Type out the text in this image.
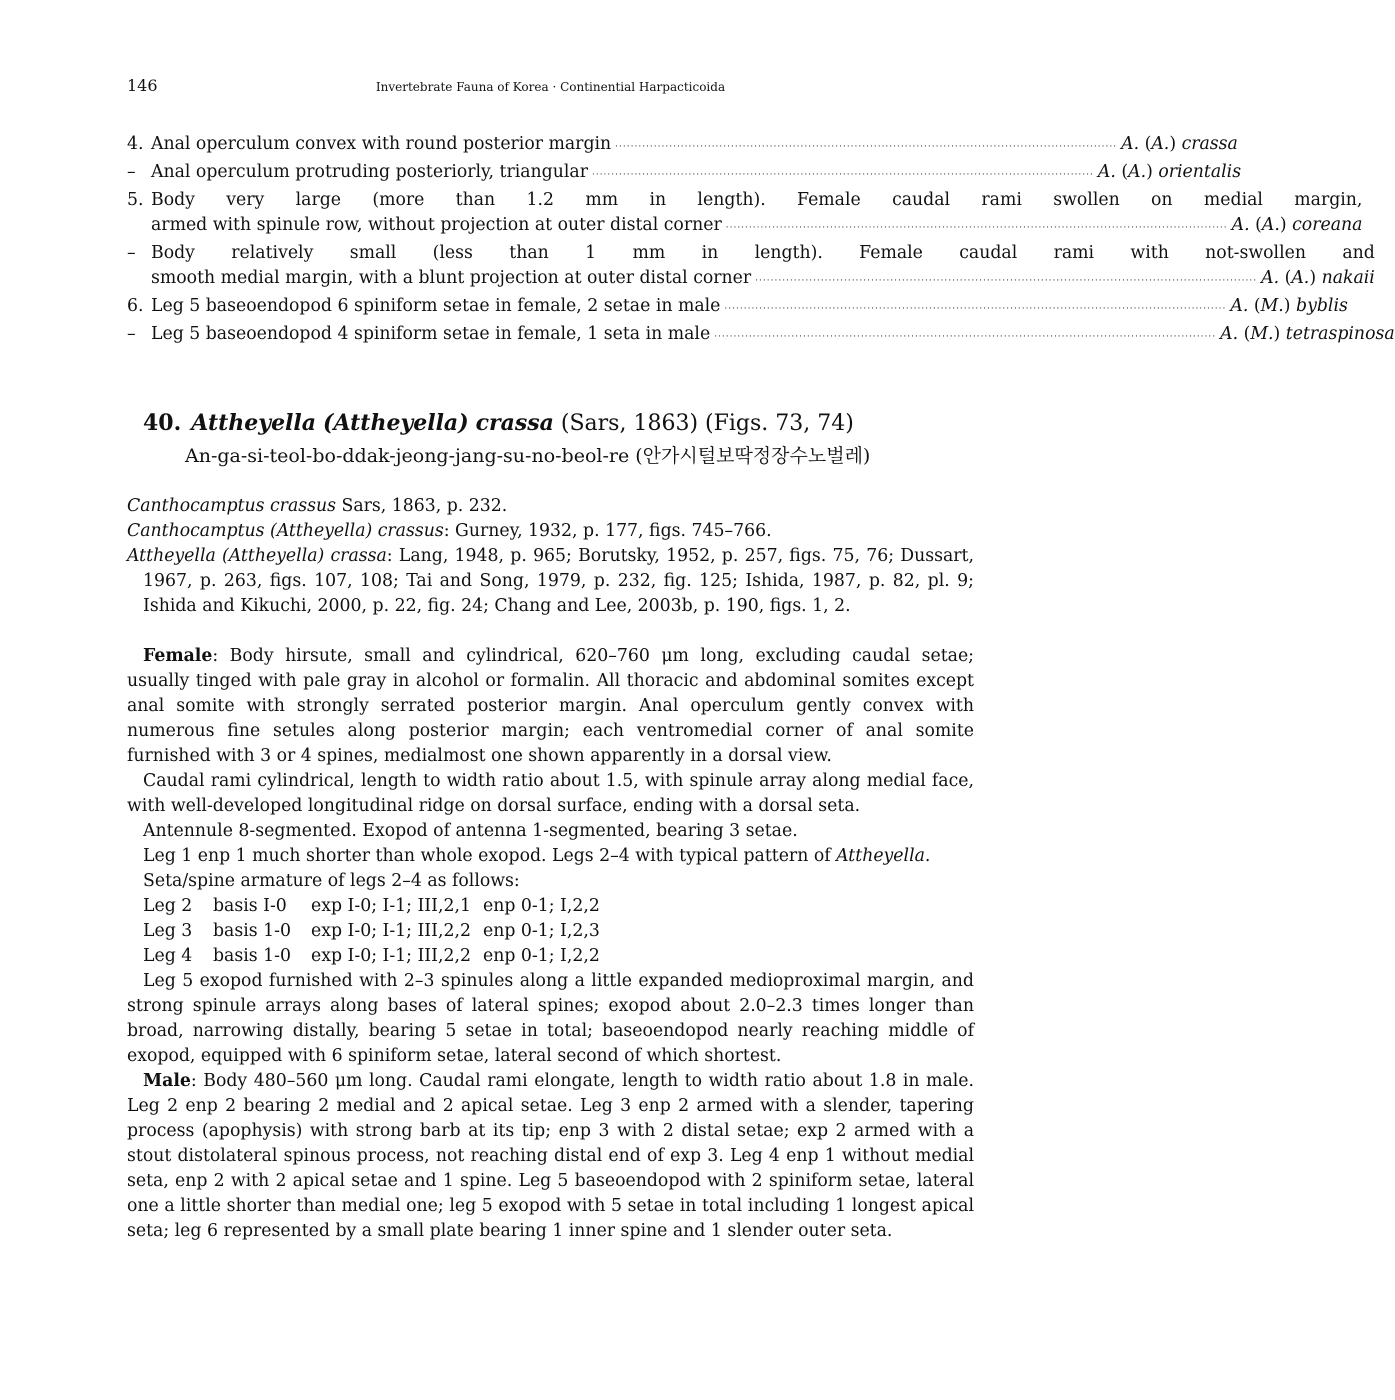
146	Invertebrate Fauna of Korea · Continential Harpacticoida
4. Anal operculum convex with round posterior margin ·································································································································· A. (A.) crassa
– Anal operculum protruding posteriorly, triangular ·································································································································· A. (A.) orientalis
5. Body very large (more than 1.2 mm in length). Female caudal rami swollen on medial margin,
armed with spinule row, without projection at outer distal corner ·································································································································· A. (A.) coreana
– Body relatively small (less than 1 mm in length). Female caudal rami with not-swollen and
smooth medial margin, with a blunt projection at outer distal corner ·································································································································· A. (A.) nakaii
6. Leg 5 baseoendopod 6 spiniform setae in female, 2 setae in male ·································································································································· A. (M.) byblis
– Leg 5 baseoendopod 4 spiniform setae in female, 1 seta in male ·································································································································· A. (M.) tetraspinosa
40. Attheyella (Attheyella) crassa (Sars, 1863) (Figs. 73, 74)
An-ga-si-teol-bo-ddak-jeong-jang-su-no-beol-re (안가시털보딱정장수노벌레)

Canthocamptus crassus Sars, 1863, p. 232.

Canthocamptus (Attheyella) crassus: Gurney, 1932, p. 177, figs. 745–766.

Attheyella (Attheyella) crassa: Lang, 1948, p. 965; Borutsky, 1952, p. 257, figs. 75, 76; Dussart, 1967, p. 263, figs. 107, 108; Tai and Song, 1979, p. 232, fig. 125; Ishida, 1987, p. 82, pl. 9; Ishida and Kikuchi, 2000, p. 22, fig. 24; Chang and Lee, 2003b, p. 190, figs. 1, 2.

Female: Body hirsute, small and cylindrical, 620–760 μm long, excluding caudal setae; usually tinged with pale gray in alcohol or formalin. All thoracic and abdominal somites except anal somite with strongly serrated posterior margin. Anal operculum gently convex with numerous fine setules along posterior margin; each ventromedial corner of anal somite furnished with 3 or 4 spines, medialmost one shown apparently in a dorsal view.

Caudal rami cylindrical, length to width ratio about 1.5, with spinule array along medial face, with well-developed longitudinal ridge on dorsal surface, ending with a dorsal seta.

Antennule 8-segmented. Exopod of antenna 1-segmented, bearing 3 setae.

Leg 1 enp 1 much shorter than whole exopod. Legs 2–4 with typical pattern of Attheyella.

Seta/spine armature of legs 2–4 as follows:

Leg 2	basis I-0	exp I-0; I-1; III,2,1 enp 0-1; I,2,2
Leg 3	basis 1-0	exp I-0; I-1; III,2,2 enp 0-1; I,2,3
Leg 4	basis 1-0	exp I-0; I-1; III,2,2 enp 0-1; I,2,2

Leg 5 exopod furnished with 2–3 spinules along a little expanded medioproximal margin, and strong spinule arrays along bases of lateral spines; exopod about 2.0–2.3 times longer than broad, narrowing distally, bearing 5 setae in total; baseoendopod nearly reaching middle of exopod, equipped with 6 spiniform setae, lateral second of which shortest.

Male: Body 480–560 μm long. Caudal rami elongate, length to width ratio about 1.8 in male. Leg 2 enp 2 bearing 2 medial and 2 apical setae. Leg 3 enp 2 armed with a slender, tapering process (apophysis) with strong barb at its tip; enp 3 with 2 distal setae; exp 2 armed with a stout distolateral spinous process, not reaching distal end of exp 3. Leg 4 enp 1 without medial seta, enp 2 with 2 apical setae and 1 spine. Leg 5 baseoendopod with 2 spiniform setae, lateral one a little shorter than medial one; leg 5 exopod with 5 setae in total including 1 longest apical seta; leg 6 represented by a small plate bearing 1 inner spine and 1 slender outer seta.
